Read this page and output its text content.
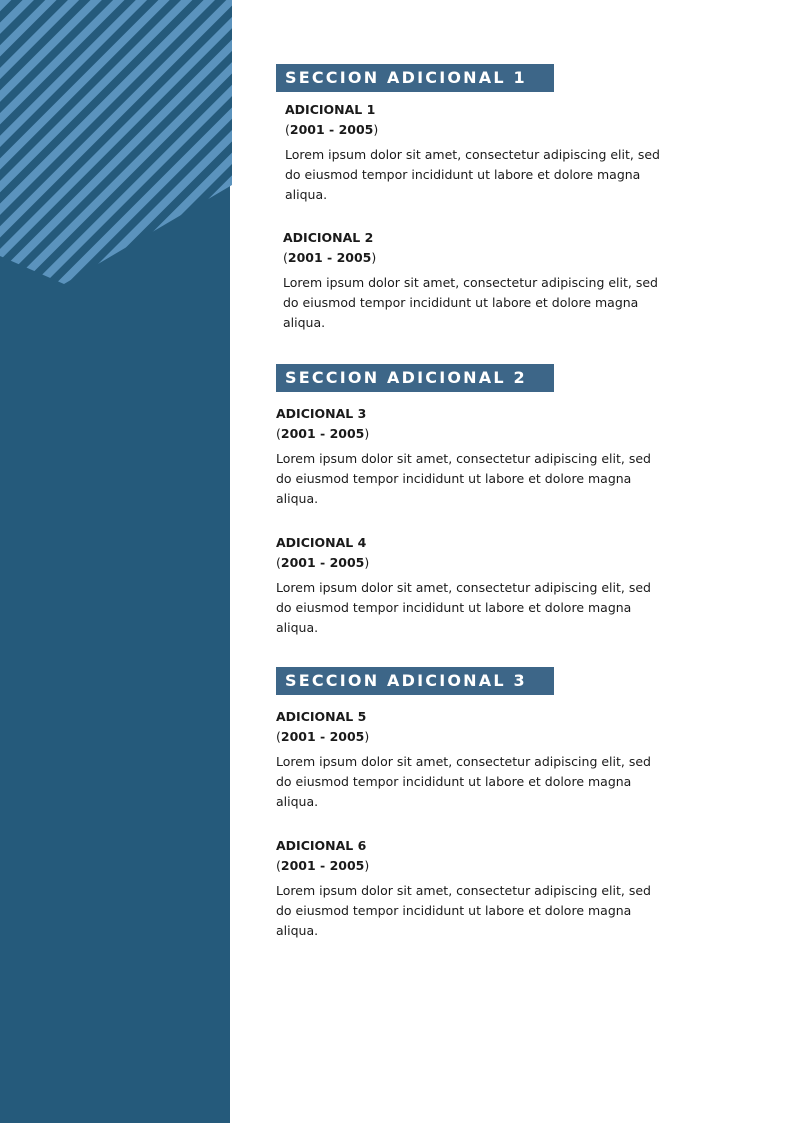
SECCION ADICIONAL 1
ADICIONAL 1
(2001 - 2005)
Lorem ipsum dolor sit amet, consectetur adipiscing elit, sed do eiusmod tempor incididunt ut labore et dolore magna aliqua.
ADICIONAL 2
(2001 - 2005)
Lorem ipsum dolor sit amet, consectetur adipiscing elit, sed do eiusmod tempor incididunt ut labore et dolore magna aliqua.
SECCION ADICIONAL 2
ADICIONAL 3
(2001 - 2005)
Lorem ipsum dolor sit amet, consectetur adipiscing elit, sed do eiusmod tempor incididunt ut labore et dolore magna aliqua.
ADICIONAL 4
(2001 - 2005)
Lorem ipsum dolor sit amet, consectetur adipiscing elit, sed do eiusmod tempor incididunt ut labore et dolore magna aliqua.
SECCION ADICIONAL 3
ADICIONAL 5
(2001 - 2005)
Lorem ipsum dolor sit amet, consectetur adipiscing elit, sed do eiusmod tempor incididunt ut labore et dolore magna aliqua.
ADICIONAL 6
(2001 - 2005)
Lorem ipsum dolor sit amet, consectetur adipiscing elit, sed do eiusmod tempor incididunt ut labore et dolore magna aliqua.
